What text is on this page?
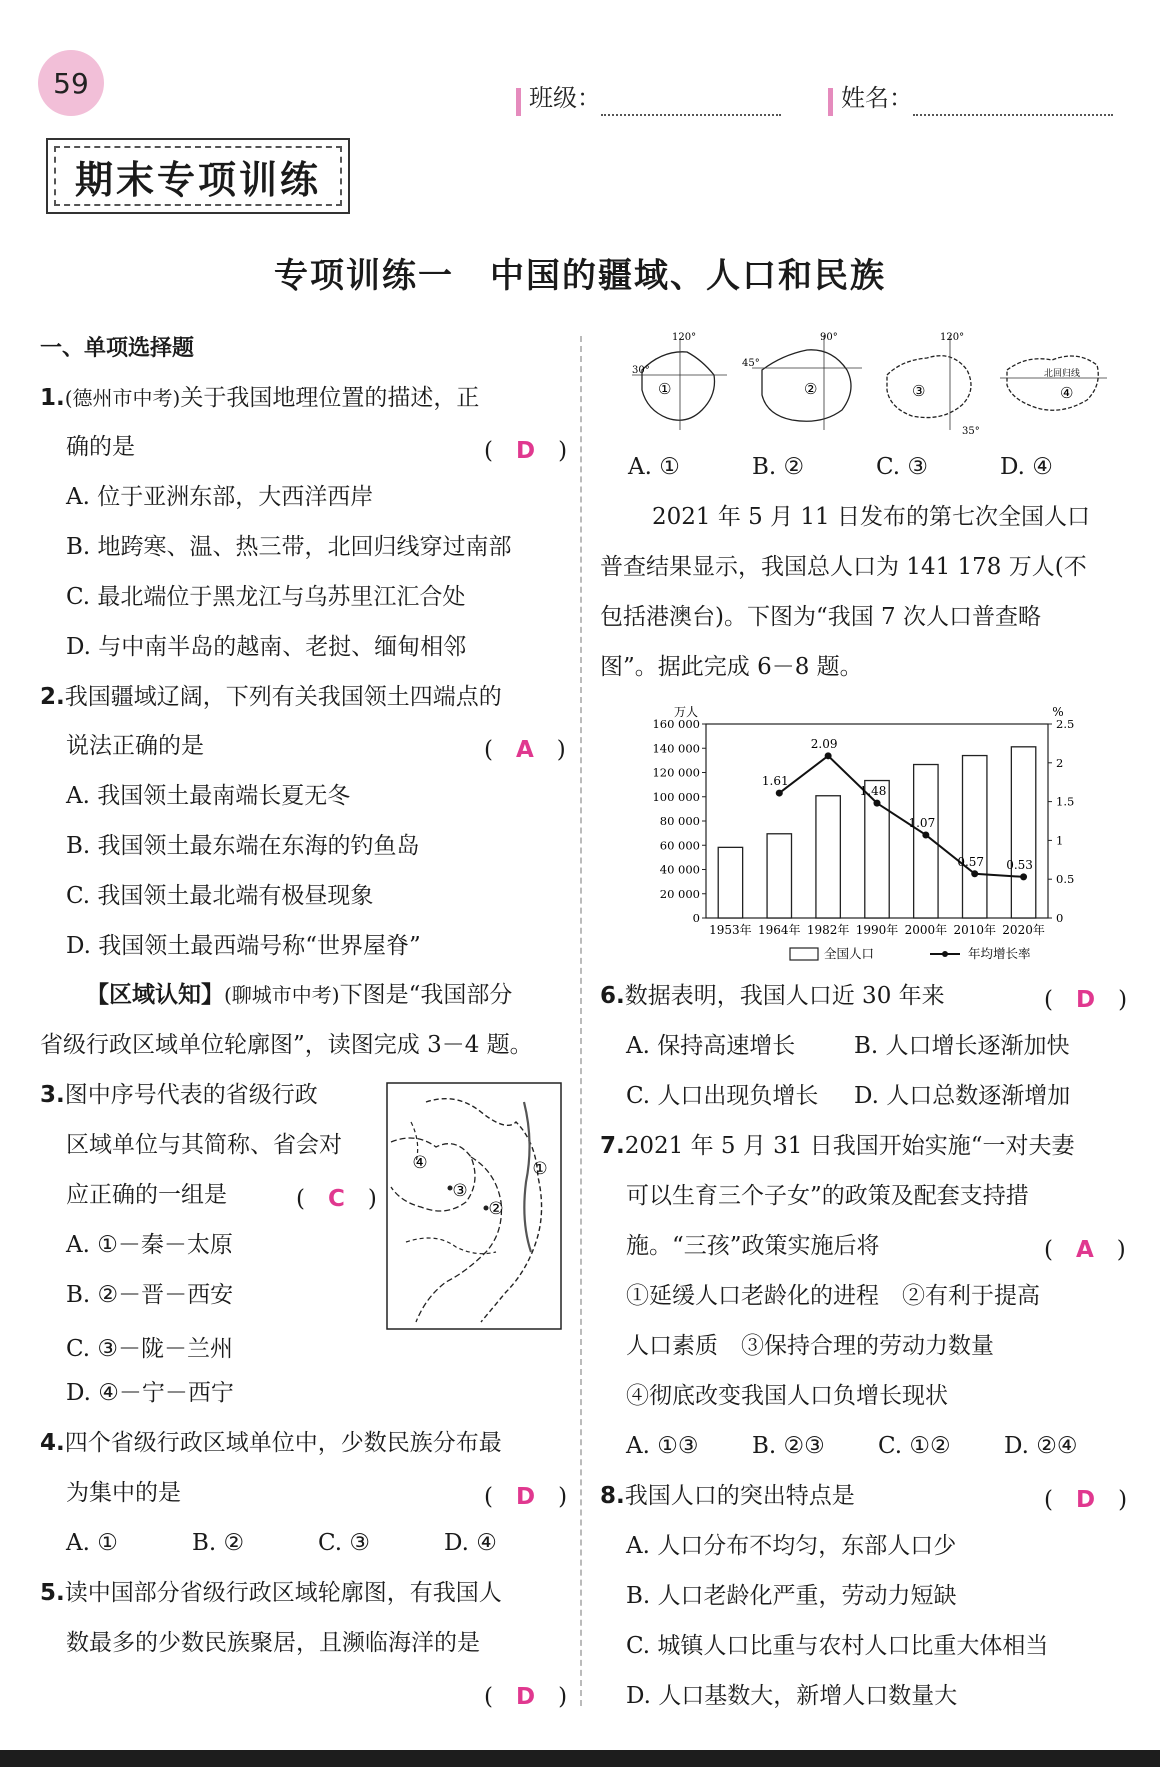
59	班级：	姓名：
期末专项训练
专项训练一　中国的疆域、人口和民族
一、单项选择题
1.(德州市中考)关于我国地理位置的描述，正
确的是	(　D　)
A. 位于亚洲东部，大西洋西岸
B. 地跨寒、温、热三带，北回归线穿过南部
C. 最北端位于黑龙江与乌苏里江汇合处
D. 与中南半岛的越南、老挝、缅甸相邻
2.我国疆域辽阔，下列有关我国领土四端点的
说法正确的是	(　A　)
A. 我国领土最南端长夏无冬
B. 我国领土最东端在东海的钓鱼岛
C. 我国领土最北端有极昼现象
D. 我国领土最西端号称“世界屋脊”
【区域认知】(聊城市中考)下图是“我国部分
省级行政区域单位轮廓图”，读图完成 3－4 题。
3.图中序号代表的省级行政
区域单位与其简称、省会对
应正确的一组是	(　C　)
A. ①－秦－太原
B. ②－晋－西安
C. ③－陇－兰州
D. ④－宁－西宁
4.四个省级行政区域单位中，少数民族分布最
为集中的是	(　D　)
A. ①	B. ②	C. ③	D. ④
5.读中国部分省级行政区域轮廓图，有我国人
数最多的少数民族聚居，且濒临海洋的是
(　D　)
①
②
③
④
120°
30°
①
90°
45°
②
120°
35°
③
北回归线
④
A. ①	B. ②	C. ③	D. ④
2021 年 5 月 11 日发布的第七次全国人口
普查结果显示，我国总人口为 141 178 万人(不
包括港澳台)。下图为“我国 7 次人口普查略
图”。据此完成 6－8 题。
6.数据表明，我国人口近 30 年来	(　D　)
A. 保持高速增长	B. 人口增长逐渐加快
C. 人口出现负增长 D. 人口总数逐渐增加
7.2021 年 5 月 31 日我国开始实施“一对夫妻
可以生育三个子女”的政策及配套支持措
施。“三孩”政策实施后将	(　A　)
①延缓人口老龄化的进程　②有利于提高
人口素质　③保持合理的劳动力数量
④彻底改变我国人口负增长现状
A. ①③ B. ②③ C. ①② D. ②④
8.我国人口的突出特点是	(　D　)
A. 人口分布不均匀，东部人口少
B. 人口老龄化严重，劳动力短缺
C. 城镇人口比重与农村人口比重大体相当
D. 人口基数大，新增人口数量大
万人	%
0
20 000
40 000
60 000
80 000
100 000
120 000
140 000
160 000
0
0.5
1
1.5
2
2.5
1953年 1964年 1982年 1990年 2000年 2010年 2020年
1.61
2.09
1.48
1.07
0.57 0.53
全国人口	年均增长率
